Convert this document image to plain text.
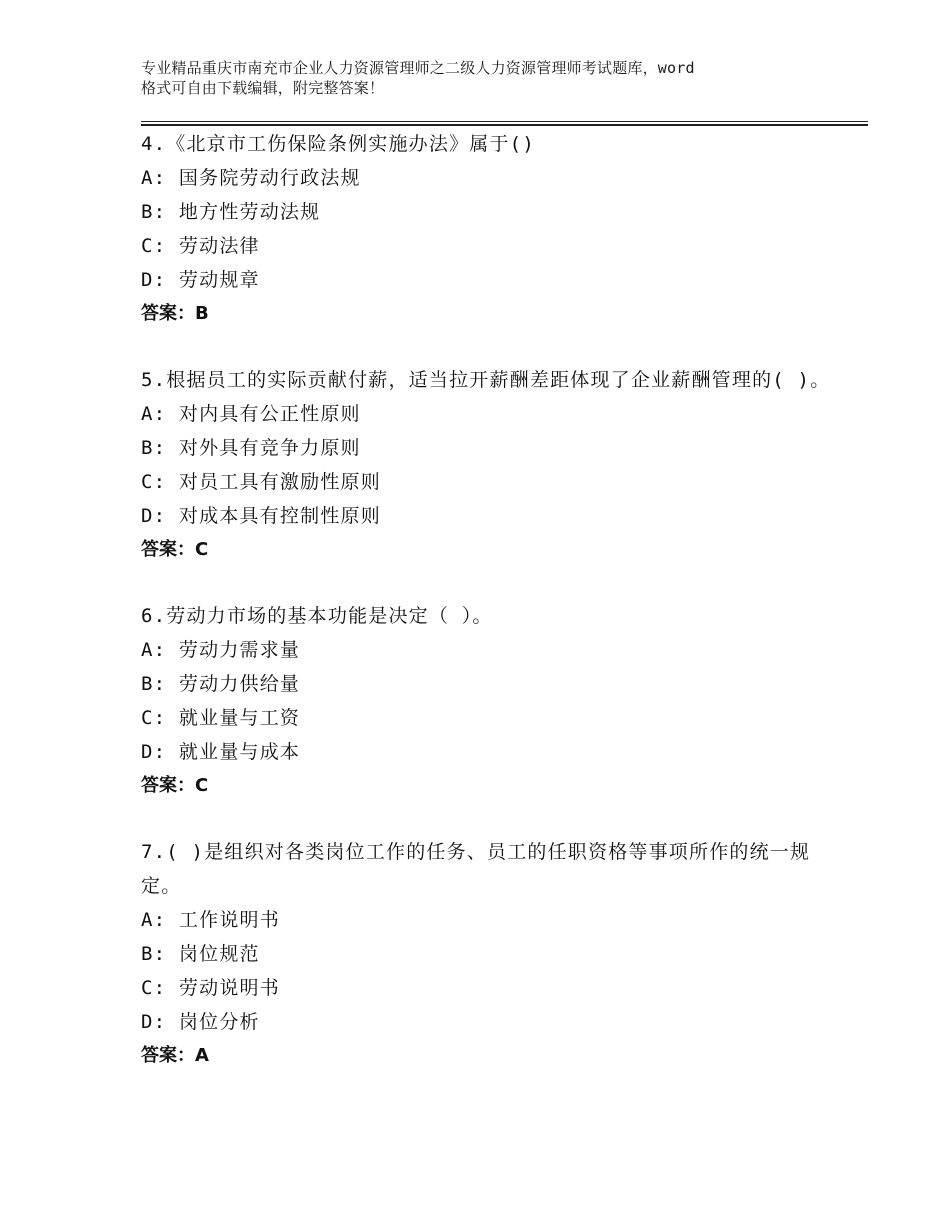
专业精品重庆市南充市企业人力资源管理师之二级人力资源管理师考试题库，word
格式可自由下载编辑，附完整答案！
4.《北京市工伤保险条例实施办法》属于()
A: 国务院劳动行政法规
B: 地方性劳动法规
C: 劳动法律
D: 劳动规章
答案：B
5.根据员工的实际贡献付薪，适当拉开薪酬差距体现了企业薪酬管理的( )。
A: 对内具有公正性原则
B: 对外具有竞争力原则
C: 对员工具有激励性原则
D: 对成本具有控制性原则
答案：C
6.劳动力市场的基本功能是决定（ ）。
A: 劳动力需求量
B: 劳动力供给量
C: 就业量与工资
D: 就业量与成本
答案：C
7.( )是组织对各类岗位工作的任务、员工的任职资格等事项所作的统一规定。
A: 工作说明书
B: 岗位规范
C: 劳动说明书
D: 岗位分析
答案：A
